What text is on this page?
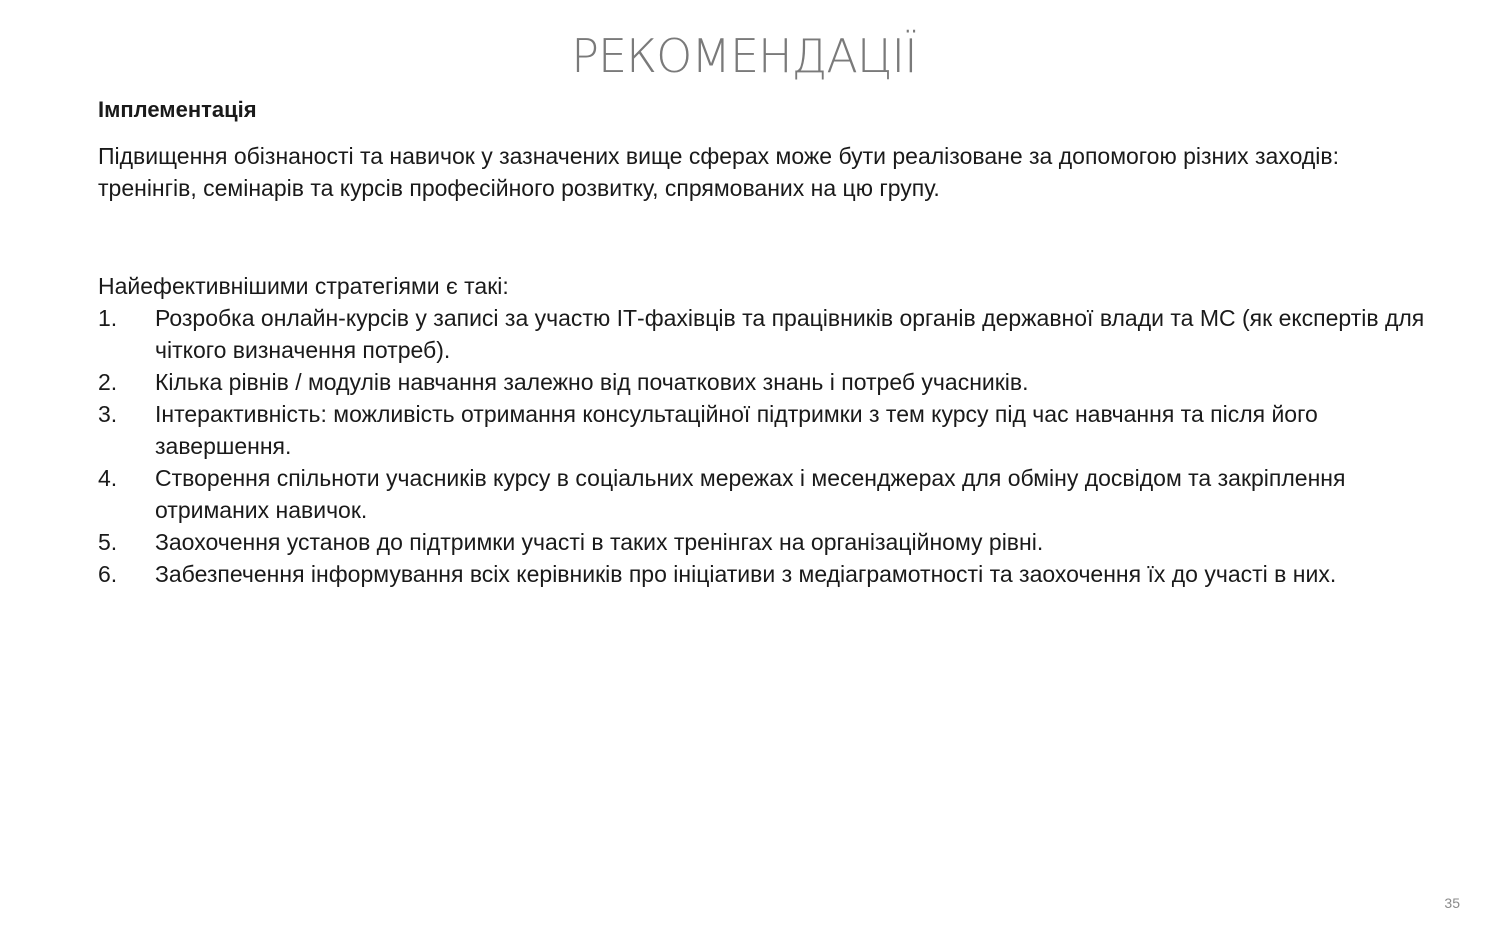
РЕКОМЕНДАЦІЇ

Імплементація

Підвищення обізнаності та навичок у зазначених вище сферах може бути реалізоване за допомогою різних заходів: тренінгів, семінарів та курсів професійного розвитку, спрямованих на цю групу.

Найефективнішими стратегіями є такі:

1.	Розробка онлайн-курсів у записі за участю ІТ-фахівців та працівників органів державної влади та МС (як експертів для чіткого визначення потреб).
2.	Кілька рівнів / модулів навчання залежно від початкових знань і потреб учасників.
3.	Інтерактивність: можливість отримання консультаційної підтримки з тем курсу під час навчання та після його завершення.
4.	Створення спільноти учасників курсу в соціальних мережах і месенджерах для обміну досвідом та закріплення отриманих навичок.
5.	Заохочення установ до підтримки участі в таких тренінгах на організаційному рівні.
6.	Забезпечення інформування всіх керівників про ініціативи з медіаграмотності та заохочення їх до участі в них.
35
